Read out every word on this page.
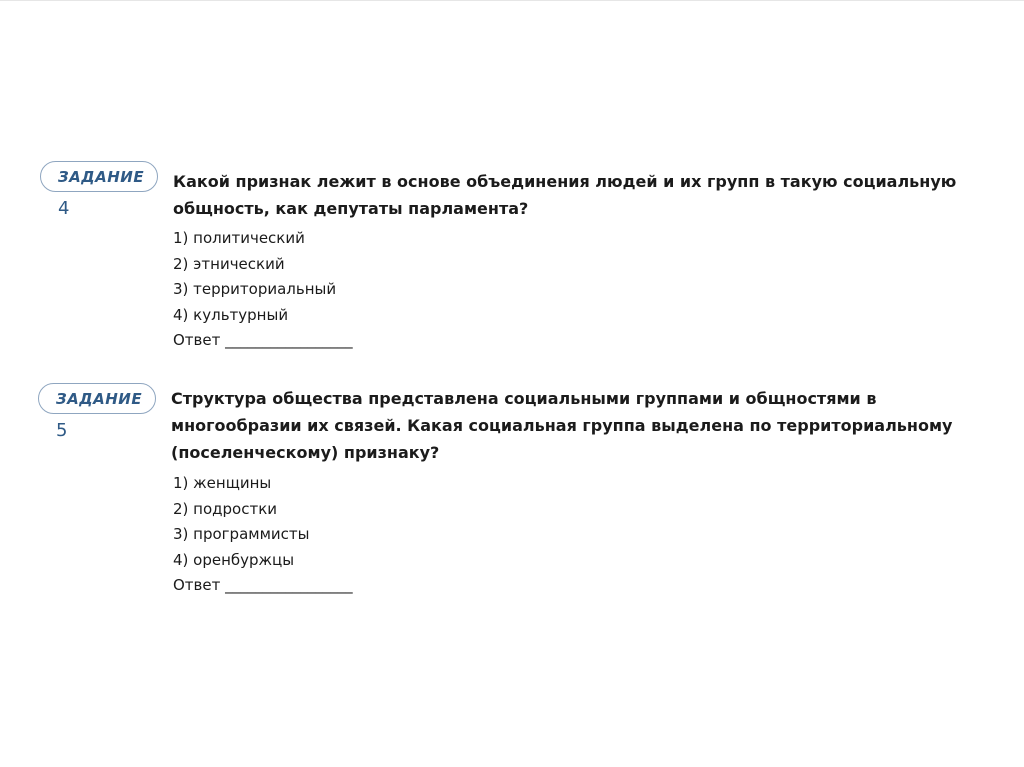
ЗАДАНИЕ
4

Какой признак лежит в основе объединения людей и их групп в такую социальную общность, как депутаты парламента?

1) политический
2) этнический
3) территориальный
4) культурный
Ответ _________________
ЗАДАНИЕ
5

Структура общества представлена социальными группами и общностями в многообразии их связей. Какая социальная группа выделена по территориальному (поселенческому) признаку?

1) женщины
2) подростки
3) программисты
4) оренбуржцы
Ответ _________________
